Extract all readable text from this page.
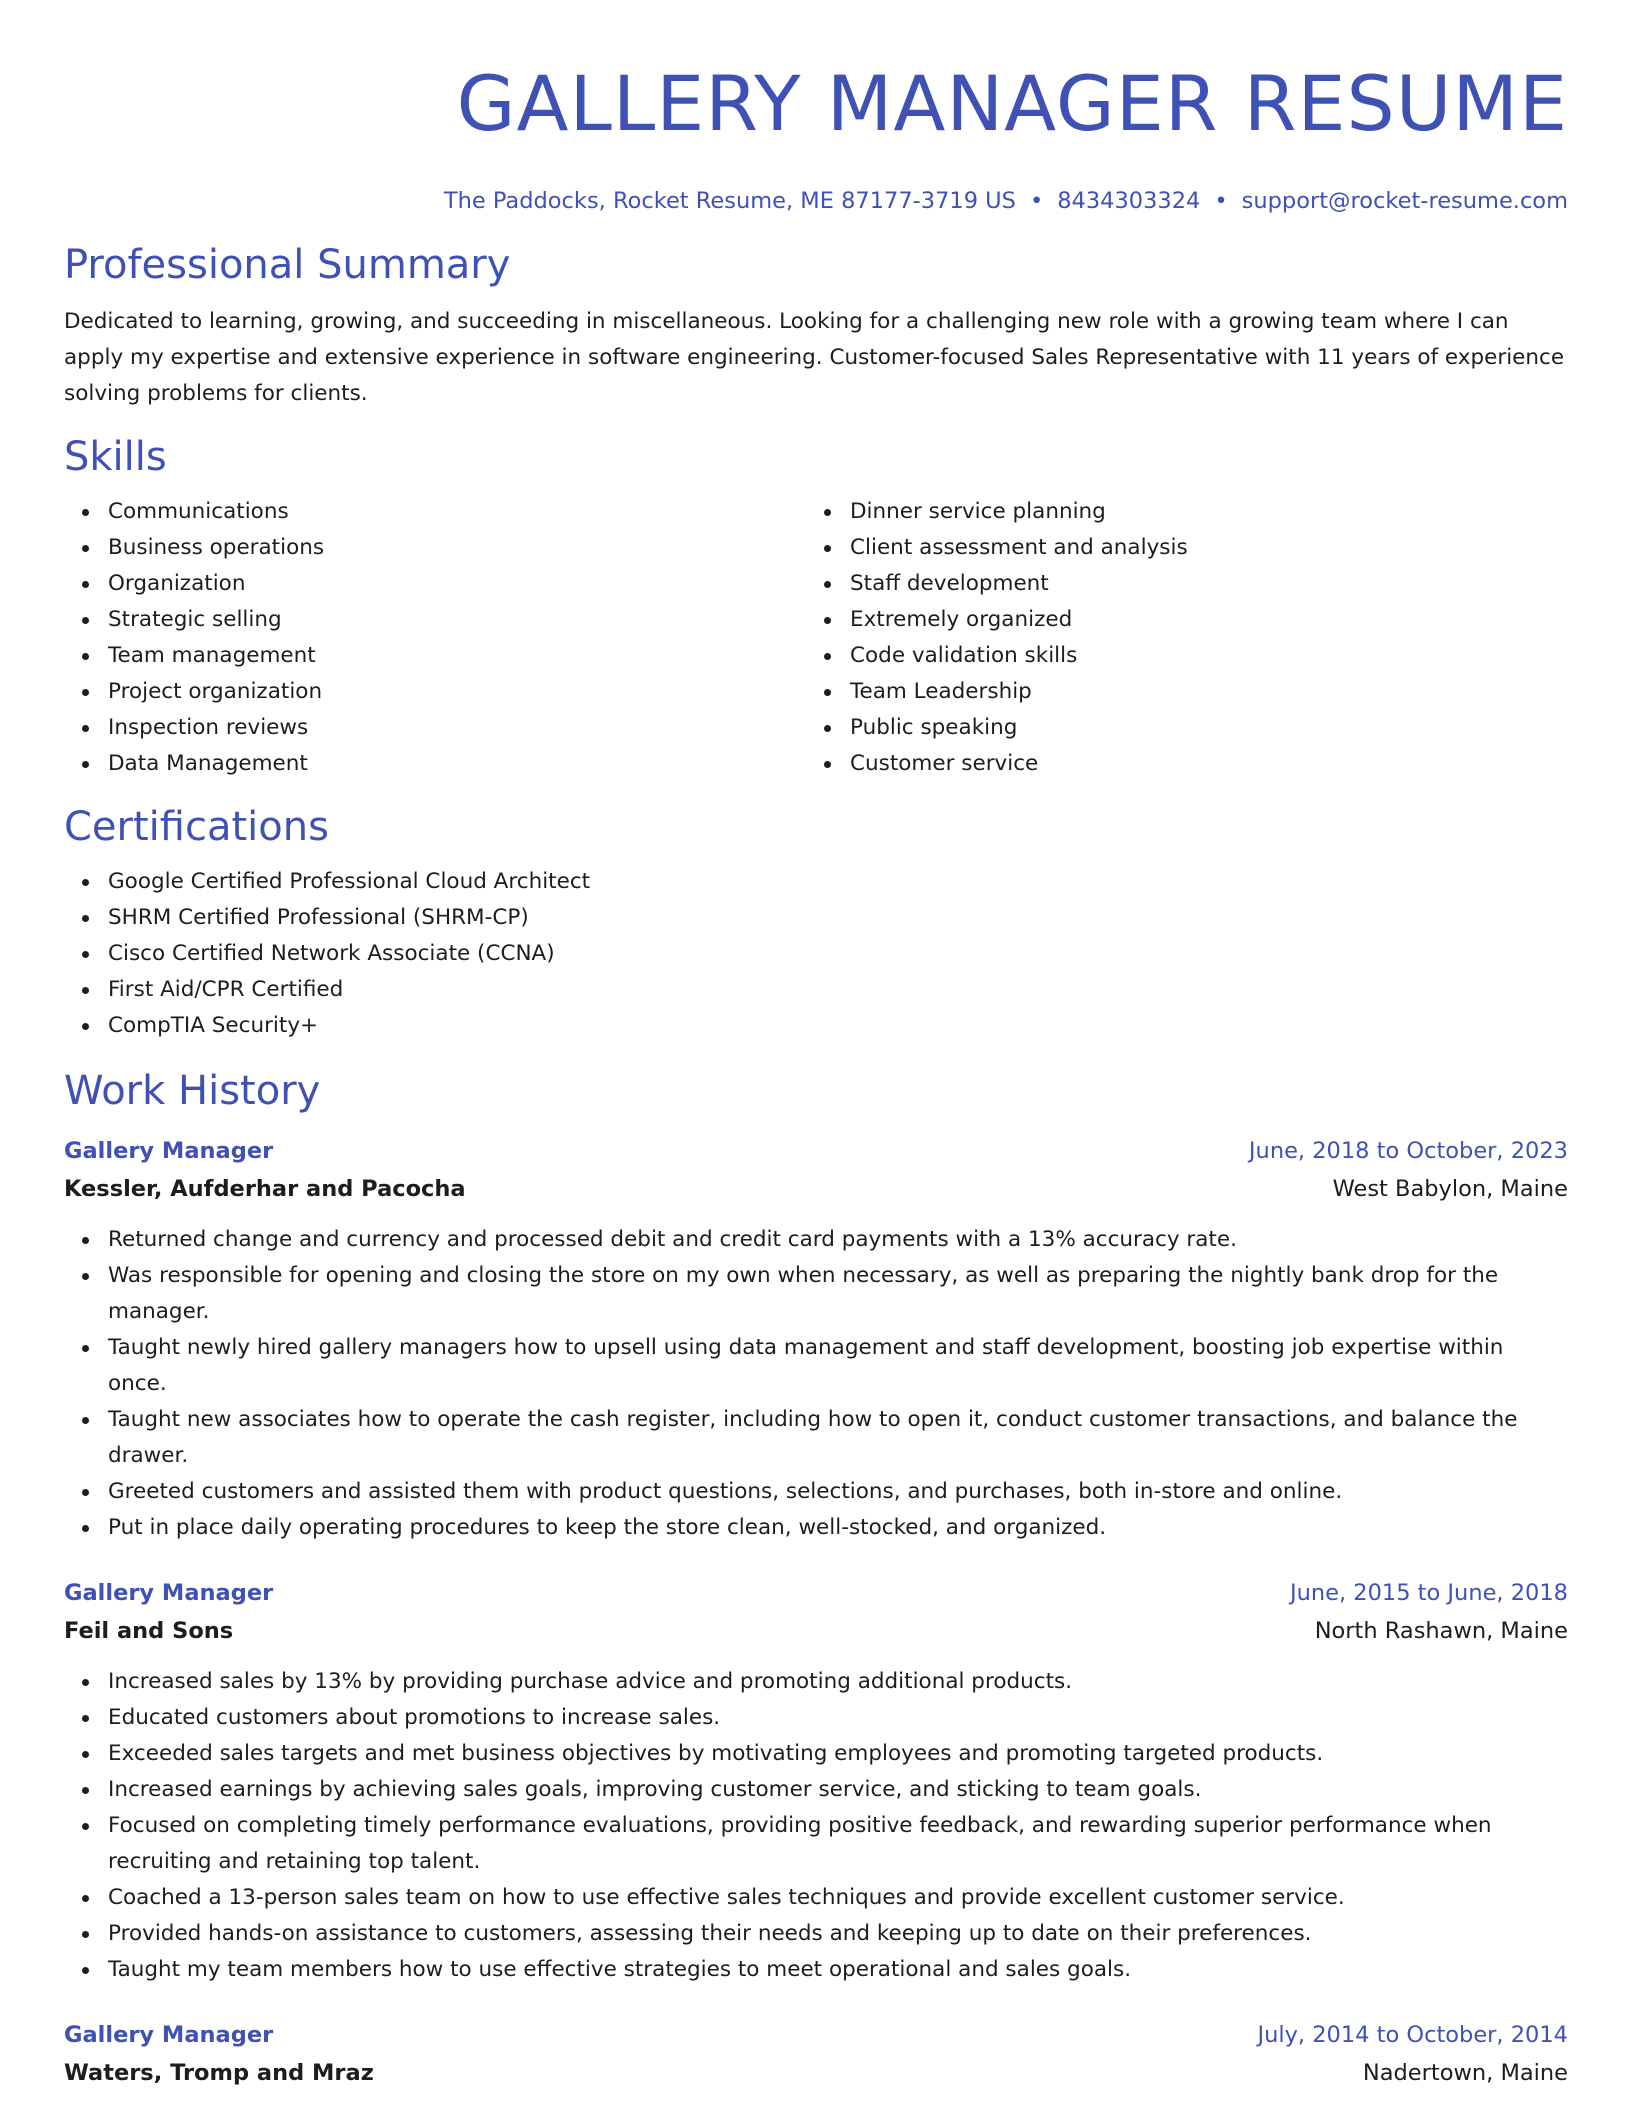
GALLERY MANAGER RESUME
The Paddocks, Rocket Resume, ME 87177-3719 US • 8434303324 • support@rocket-resume.com
Professional Summary

Dedicated to learning, growing, and succeeding in miscellaneous. Looking for a challenging new role with a growing team where I can apply my expertise and extensive experience in software engineering. Customer-focused Sales Representative with 11 years of experience solving problems for clients.

Skills
Communications
Business operations
Organization
Strategic selling
Team management
Project organization
Inspection reviews
Data Management
Dinner service planning
Client assessment and analysis
Staff development
Extremely organized
Code validation skills
Team Leadership
Public speaking
Customer service
Certifications
Google Certified Professional Cloud Architect
SHRM Certified Professional (SHRM-CP)
Cisco Certified Network Associate (CCNA)
First Aid/CPR Certified
CompTIA Security+
Work History
Gallery Manager	June, 2018 to October, 2023
Kessler, Aufderhar and Pacocha	West Babylon, Maine
Returned change and currency and processed debit and credit card payments with a 13% accuracy rate.
Was responsible for opening and closing the store on my own when necessary, as well as preparing the nightly bank drop for the manager.
Taught newly hired gallery managers how to upsell using data management and staff development, boosting job expertise within once.
Taught new associates how to operate the cash register, including how to open it, conduct customer transactions, and balance the drawer.
Greeted customers and assisted them with product questions, selections, and purchases, both in-store and online.
Put in place daily operating procedures to keep the store clean, well-stocked, and organized.
Gallery Manager	June, 2015 to June, 2018
Feil and Sons	North Rashawn, Maine
Increased sales by 13% by providing purchase advice and promoting additional products.
Educated customers about promotions to increase sales.
Exceeded sales targets and met business objectives by motivating employees and promoting targeted products.
Increased earnings by achieving sales goals, improving customer service, and sticking to team goals.
Focused on completing timely performance evaluations, providing positive feedback, and rewarding superior performance when recruiting and retaining top talent.
Coached a 13-person sales team on how to use effective sales techniques and provide excellent customer service.
Provided hands-on assistance to customers, assessing their needs and keeping up to date on their preferences.
Taught my team members how to use effective strategies to meet operational and sales goals.
Gallery Manager	July, 2014 to October, 2014
Waters, Tromp and Mraz	Nadertown, Maine
